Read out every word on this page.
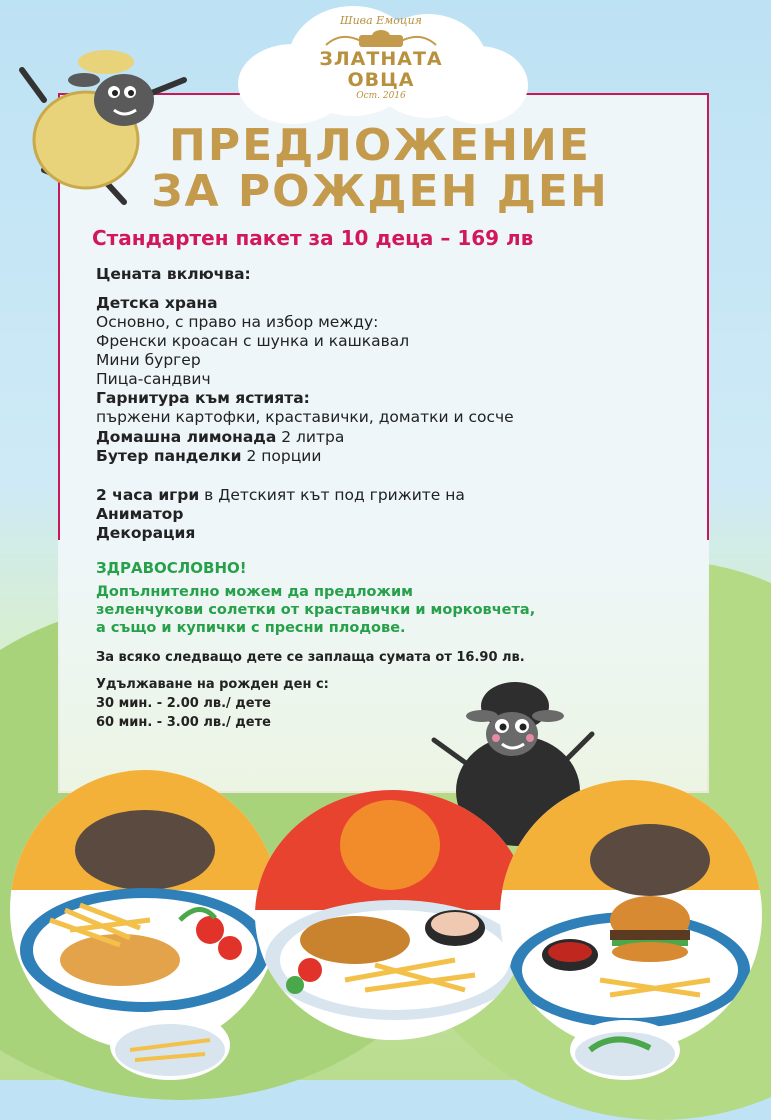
Шива Емоция
ЗЛАТНАТА
ОВЦА
Ост. 2016
ПРЕДЛОЖЕНИЕ
ЗА РОЖДЕН ДЕН
Стандартен пакет за 10 деца – 169 лв
Цената включва:
Детска храна
Основно, с право на избор между:
Френски кроасан с шунка и кашкавал
Мини бургер
Пица-сандвич
Гарнитура към ястията:
пържени картофки, краставички, доматки и сосче
Домашна лимонада 2 литра
Бутер панделки 2 порции
2 часа игри в Детският кът под грижите на
Аниматор
Декорация
ЗДРАВОСЛОВНО!
Допълнително можем да предложим
зеленчукови солетки от краставички и морковчета,
а също и купички с пресни плодове.
За всяко следващо дете се заплаща сумата от 16.90 лв.
Удължаване на рожден ден с:
30 мин. - 2.00 лв./ дете
60 мин. - 3.00 лв./ дете
